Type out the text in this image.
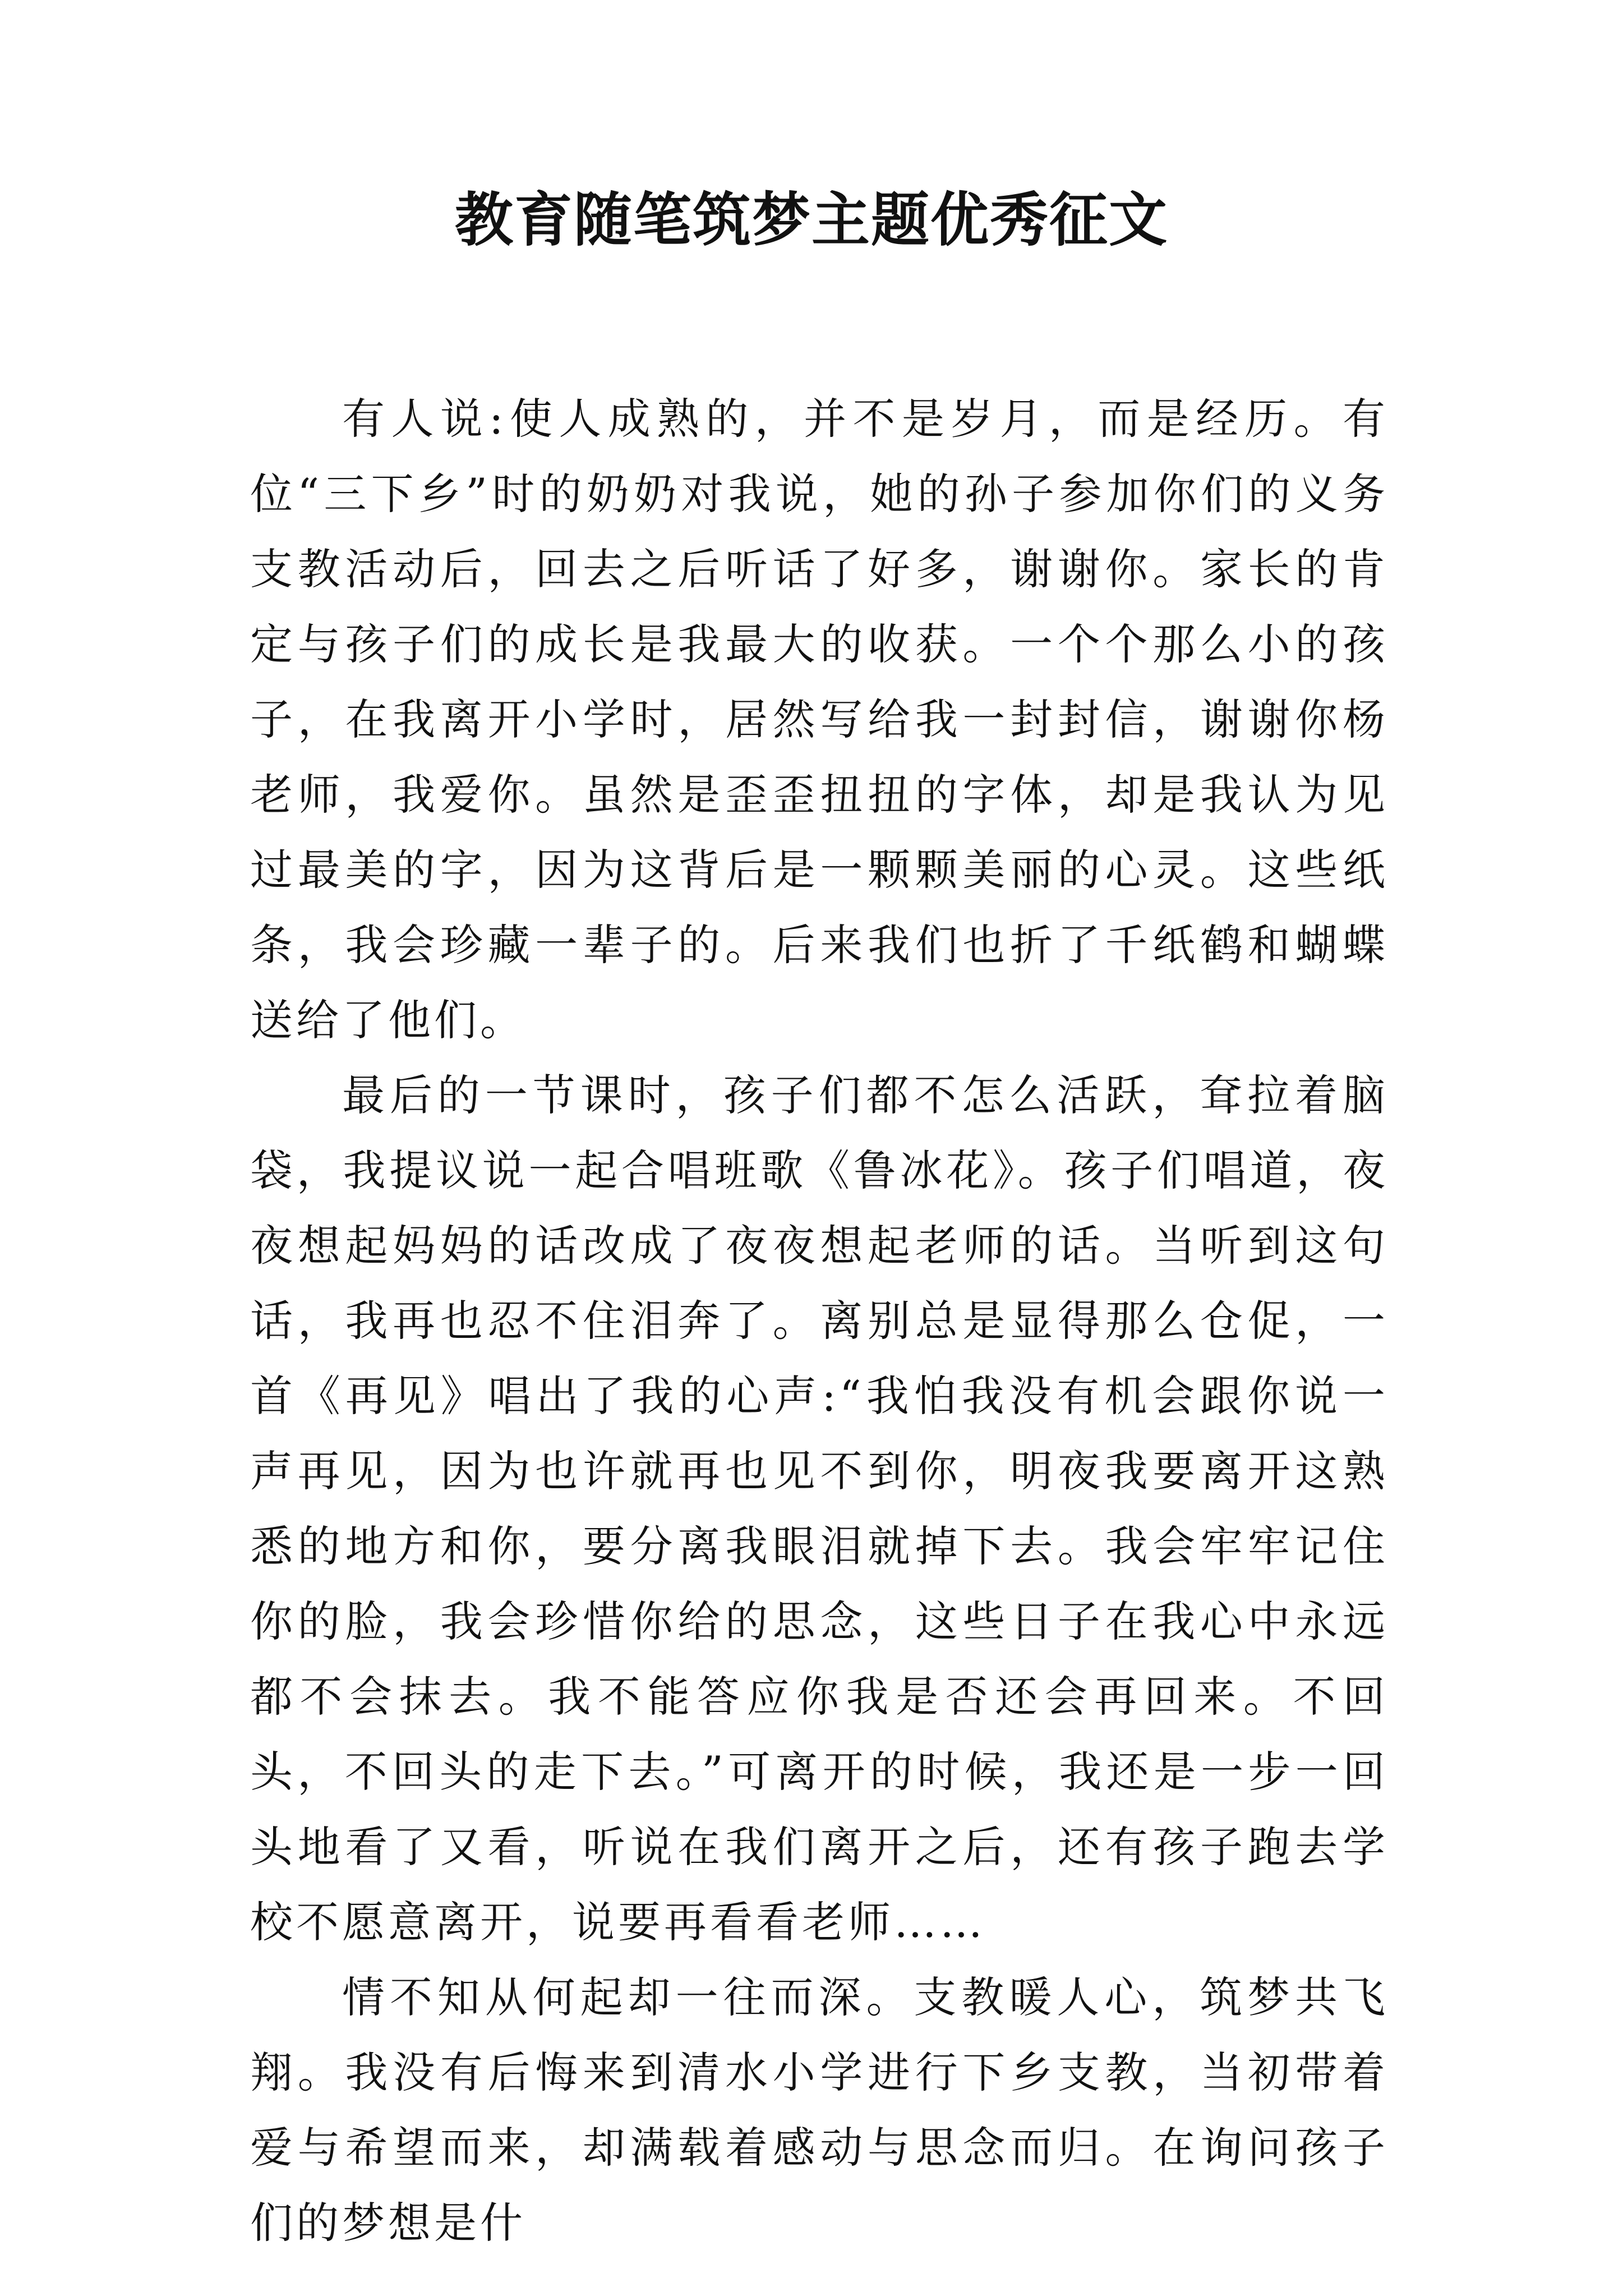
教育随笔筑梦主题优秀征文

有人说:使人成熟的，并不是岁月，而是经历。有位“三下乡”时的奶奶对我说，她的孙子参加你们的义务支教活动后，回去之后听话了好多，谢谢你。家长的肯定与孩子们的成长是我最大的收获。一个个那么小的孩子，在我离开小学时，居然写给我一封封信，谢谢你杨老师，我爱你。虽然是歪歪扭扭的字体，却是我认为见过最美的字，因为这背后是一颗颗美丽的心灵。这些纸条，我会珍藏一辈子的。后来我们也折了千纸鹤和蝴蝶送给了他们。

最后的一节课时，孩子们都不怎么活跃，耷拉着脑袋，我提议说一起合唱班歌《鲁冰花》。孩子们唱道，夜夜想起妈妈的话改成了夜夜想起老师的话。当听到这句话，我再也忍不住泪奔了。离别总是显得那么仓促，一首《再见》唱出了我的心声:“我怕我没有机会跟你说一声再见，因为也许就再也见不到你，明夜我要离开这熟悉的地方和你，要分离我眼泪就掉下去。我会牢牢记住你的脸，我会珍惜你给的思念，这些日子在我心中永远都不会抹去。我不能答应你我是否还会再回来。不回头，不回头的走下去。”可离开的时候，我还是一步一回头地看了又看，听说在我们离开之后，还有孩子跑去学校不愿意离开，说要再看看老师……

情不知从何起却一往而深。支教暖人心，筑梦共飞翔。我没有后悔来到清水小学进行下乡支教，当初带着爱与希望而来，却满载着感动与思念而归。在询问孩子们的梦想是什
